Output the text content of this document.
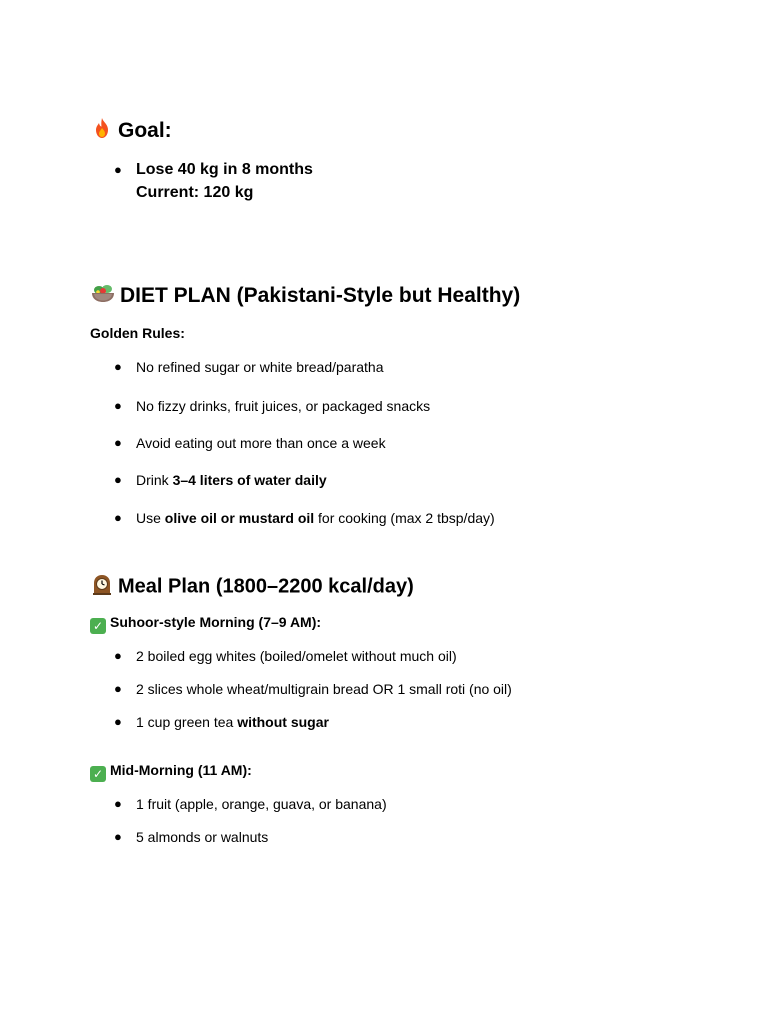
Goal:
● Lose 40 kg in 8 months
Current: 120 kg
DIET PLAN (Pakistani-Style but Healthy)
Golden Rules:
● No refined sugar or white bread/paratha
● No fizzy drinks, fruit juices, or packaged snacks
● Avoid eating out more than once a week
● Drink 3–4 liters of water daily
● Use olive oil or mustard oil for cooking (max 2 tbsp/day)
Meal Plan (1800–2200 kcal/day)
✓ Suhoor-style Morning (7–9 AM):
● 2 boiled egg whites (boiled/omelet without much oil)
● 2 slices whole wheat/multigrain bread OR 1 small roti (no oil)
● 1 cup green tea without sugar
✓ Mid-Morning (11 AM):
● 1 fruit (apple, orange, guava, or banana)
● 5 almonds or walnuts
